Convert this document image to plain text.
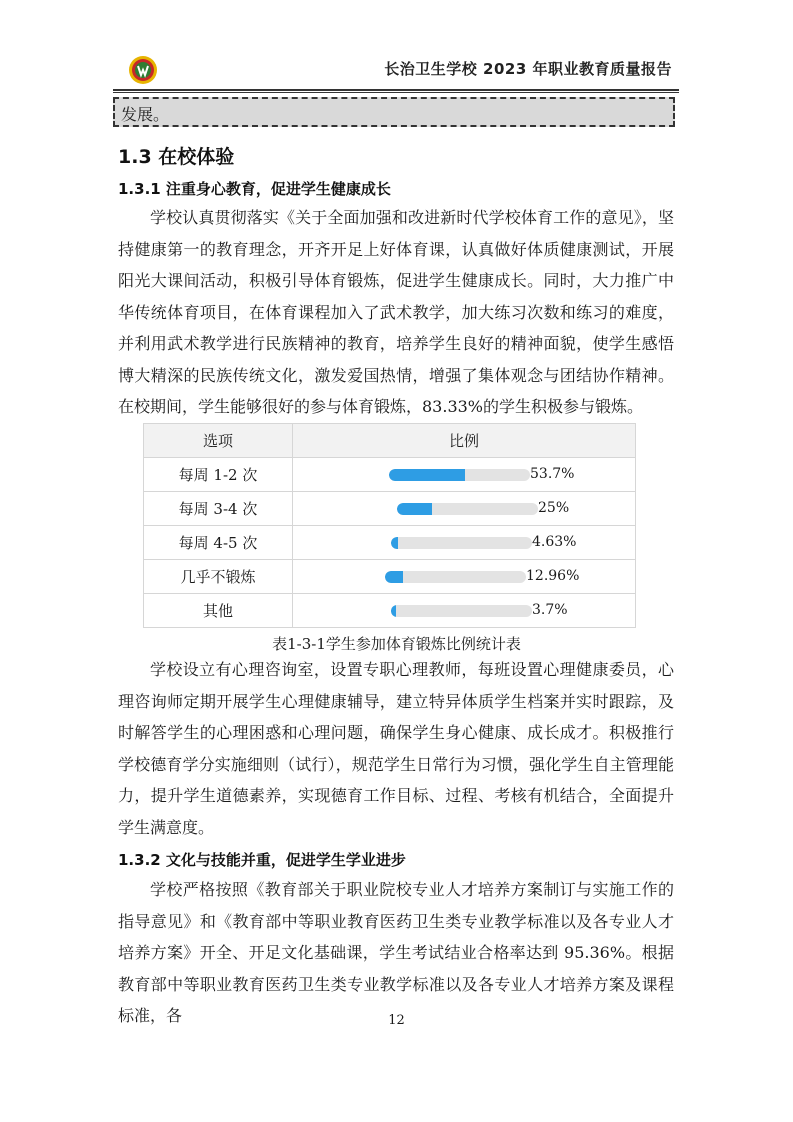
长治卫生学校 2023 年职业教育质量报告
发展。
1.3 在校体验
1.3.1 注重身心教育，促进学生健康成长

学校认真贯彻落实《关于全面加强和改进新时代学校体育工作的意见》，坚持健康第一的教育理念，开齐开足上好体育课，认真做好体质健康测试，开展阳光大课间活动，积极引导体育锻炼，促进学生健康成长。同时，大力推广中华传统体育项目，在体育课程加入了武术教学，加大练习次数和练习的难度，并利用武术教学进行民族精神的教育，培养学生良好的精神面貌，使学生感悟博大精深的民族传统文化，激发爱国热情，增强了集体观念与团结协作精神。在校期间，学生能够很好的参与体育锻炼，83.33%的学生积极参与锻炼。

选项	比例
每周 1-2 次	53.7%

每周 3-4 次	25%

每周 4-5 次	4.63%

几乎不锻炼	12.96%

其他	3.7%
表1-3-1学生参加体育锻炼比例统计表

学校设立有心理咨询室，设置专职心理教师，每班设置心理健康委员，心理咨询师定期开展学生心理健康辅导，建立特异体质学生档案并实时跟踪，及时解答学生的心理困惑和心理问题，确保学生身心健康、成长成才。积极推行学校德育学分实施细则（试行），规范学生日常行为习惯，强化学生自主管理能力，提升学生道德素养，实现德育工作目标、过程、考核有机结合，全面提升学生满意度。

1.3.2 文化与技能并重，促进学生学业进步

学校严格按照《教育部关于职业院校专业人才培养方案制订与实施工作的指导意见》和《教育部中等职业教育医药卫生类专业教学标准以及各专业人才培养方案》开全、开足文化基础课，学生考试结业合格率达到 95.36%。根据教育部中等职业教育医药卫生类专业教学标准以及各专业人才培养方案及课程标准，各	12
